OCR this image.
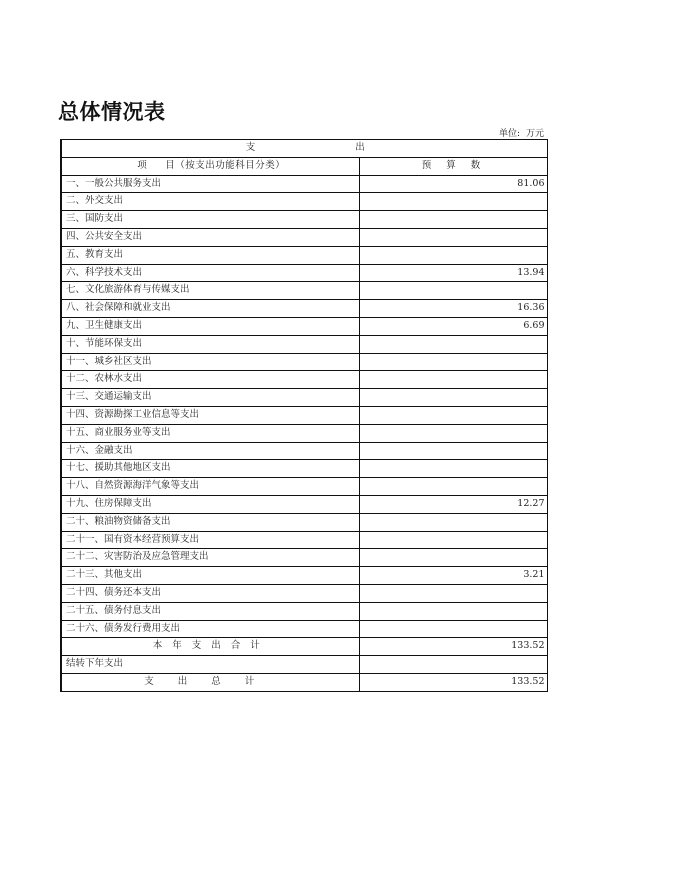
总体情况表
单位: 万元
支 出	
项 目（按支出功能科目分类）	预 算 数
一、一般公共服务支出	81.06
二、外交支出	
三、国防支出	
四、公共安全支出	
五、教育支出	
六、科学技术支出	13.94
七、文化旅游体育与传媒支出	
八、社会保障和就业支出	16.36
九、卫生健康支出	6.69
十、节能环保支出	
十一、城乡社区支出	
十二、农林水支出	
十三、交通运输支出	
十四、资源勘探工业信息等支出	
十五、商业服务业等支出	
十六、金融支出	
十七、援助其他地区支出	
十八、自然资源海洋气象等支出	
十九、住房保障支出	12.27
二十、粮油物资储备支出	
二十一、国有资本经营预算支出	
二十二、灾害防治及应急管理支出	
二十三、其他支出	3.21
二十四、债务还本支出	
二十五、债务付息支出	
二十六、债务发行费用支出	
本年支出合计	133.52
结转下年支出	
支出总计	133.52
